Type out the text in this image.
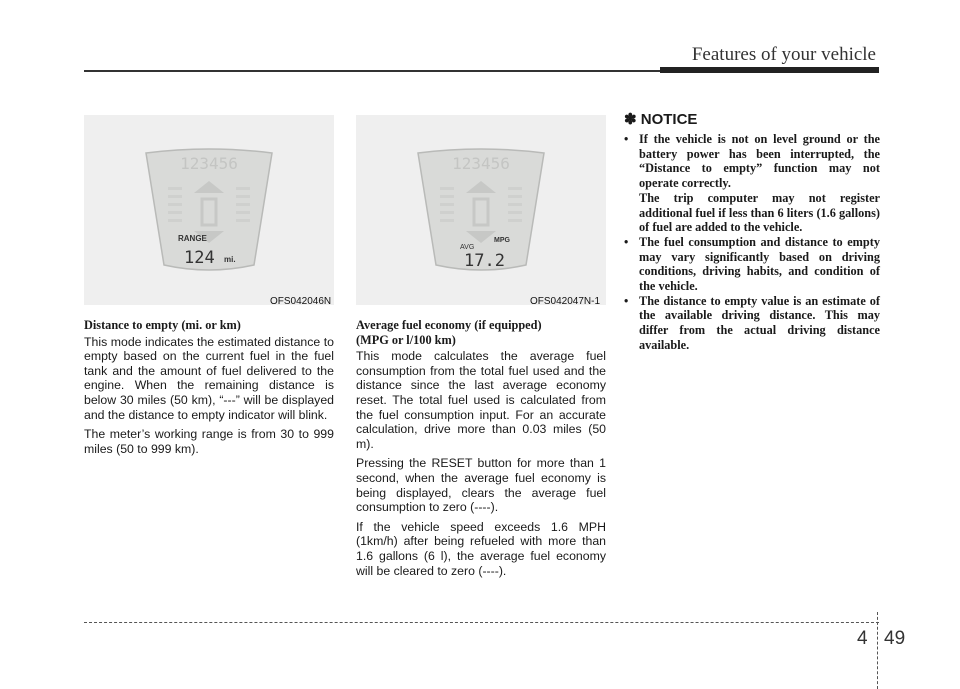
Features of your vehicle
123456
RANGE
124 mi.
OFS042046N
123456
AVG
MPG
17.2
OFS042047N-1
Distance to empty (mi. or km)

This mode indicates the estimated distance to empty based on the current fuel in the fuel tank and the amount of fuel delivered to the engine. When the remaining distance is below 30 miles (50 km), “---” will be displayed and the distance to empty indicator will blink.

The meter’s working range is from 30 to 999 miles (50 to 999 km).

Average fuel economy (if equipped)
(MPG or l/100 km)

This mode calculates the average fuel consumption from the total fuel used and the distance since the last average economy reset. The total fuel used is calculated from the fuel consumption input. For an accurate calculation, drive more than 0.03 miles (50 m).

Pressing the RESET button for more than 1 second, when the average fuel economy is being displayed, clears the average fuel consumption to zero (----).

If the vehicle speed exceeds 1.6 MPH (1km/h) after being refueled with more than 1.6 gallons (6 l), the average fuel economy will be cleared to zero (----).

✽ NOTICE
• If the vehicle is not on level ground or the battery power has been interrupted, the “Distance to empty” function may not operate correctly.
The trip computer may not register additional fuel if less than 6 liters (1.6 gallons) of fuel are added to the vehicle.
• The fuel consumption and distance to empty may vary significantly based on driving conditions, driving habits, and condition of the vehicle.
• The distance to empty value is an estimate of the available driving distance. This may differ from the actual driving distance available.
4 49
